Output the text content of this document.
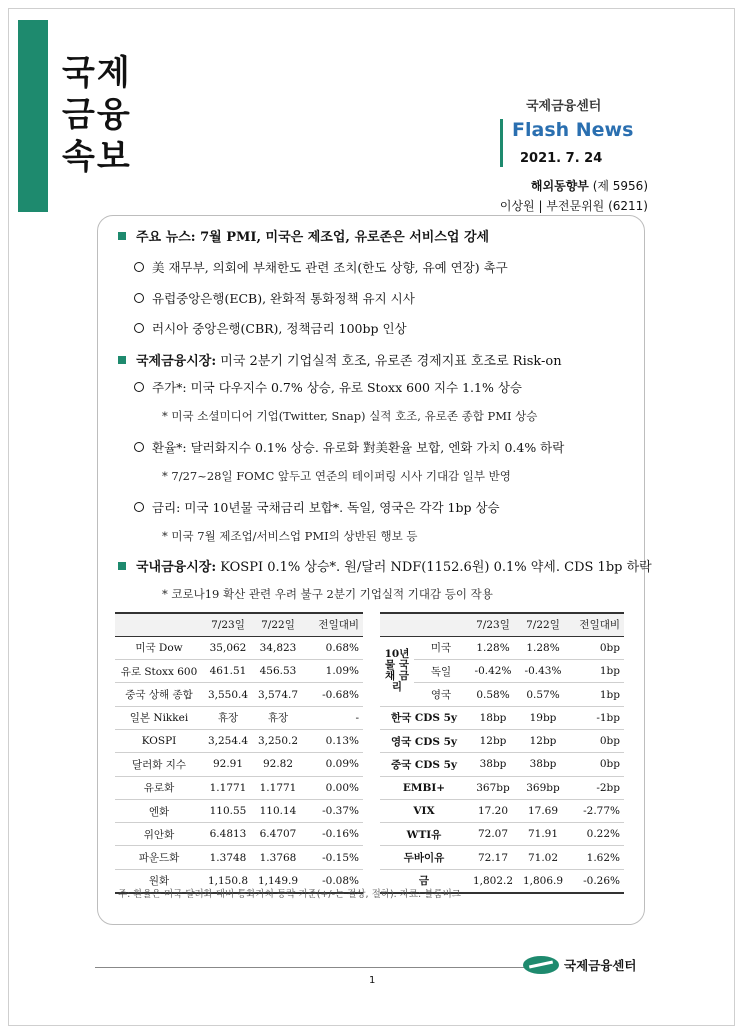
국제
금융
속보
국제금융센터
Flash News
2021. 7. 24
해외동향부 (제 5956)
이상원 | 부전문위원 (6211)
주요 뉴스: 7월 PMI, 미국은 제조업, 유로존은 서비스업 강세
美 재무부, 의회에 부채한도 관련 조치(한도 상향, 유예 연장) 촉구
유럽중앙은행(ECB), 완화적 통화정책 유지 시사
러시아 중앙은행(CBR), 정책금리 100bp 인상
국제금융시장: 미국 2분기 기업실적 호조, 유로존 경제지표 호조로 Risk-on
주가*: 미국 다우지수 0.7% 상승, 유로 Stoxx 600 지수 1.1% 상승
* 미국 소셜미디어 기업(Twitter, Snap) 실적 호조, 유로존 종합 PMI 상승
환율*: 달러화지수 0.1% 상승. 유로화 對美환율 보합, 엔화 가치 0.4% 하락
* 7/27~28일 FOMC 앞두고 연준의 테이퍼링 시사 기대감 일부 반영
금리: 미국 10년물 국채금리 보합*. 독일, 영국은 각각 1bp 상승
* 미국 7월 제조업/서비스업 PMI의 상반된 행보 등
국내금융시장: KOSPI 0.1% 상승*. 원/달러 NDF(1152.6원) 0.1% 약세. CDS 1bp 하락
* 코로나19 확산 관련 우려 불구 2분기 기업실적 기대감 등이 작용
	7/23일	7/22일	전일대비
미국 Dow	35,062	34,823	0.68%
유로 Stoxx 600	461.51	456.53	1.09%
중국 상해 종합	3,550.4	3,574.7	-0.68%
일본 Nikkei	휴장	휴장	-
KOSPI	3,254.4	3,250.2	0.13%
달러화 지수	92.91	92.82	0.09%
유로화	1.1771	1.1771	0.00%
엔화	110.55	110.14	-0.37%
위안화	6.4813	6.4707	-0.16%
파운드화	1.3748	1.3768	-0.15%
원화	1,150.8	1,149.9	-0.08%
		7/23일	7/22일	전일대비
10년물 국채 금리	미국	1.28%	1.28%	0bp
	독일	-0.42%	-0.43%	1bp
	영국	0.58%	0.57%	1bp
한국 CDS 5y		18bp	19bp	-1bp
영국 CDS 5y		12bp	12bp	0bp
중국 CDS 5y		38bp	38bp	0bp
EMBI+		367bp	369bp	-2bp
VIX		17.20	17.69	-2.77%
WTI유		72.07	71.91	0.22%
두바이유		72.17	71.02	1.62%
금		1,802.2	1,806.9	-0.26%
주: 환율은 미국 달러화 대비 통화가치 등락 기준(+/-는 절상, 절하). 자료: 블룸버그
국제금융센터
1
